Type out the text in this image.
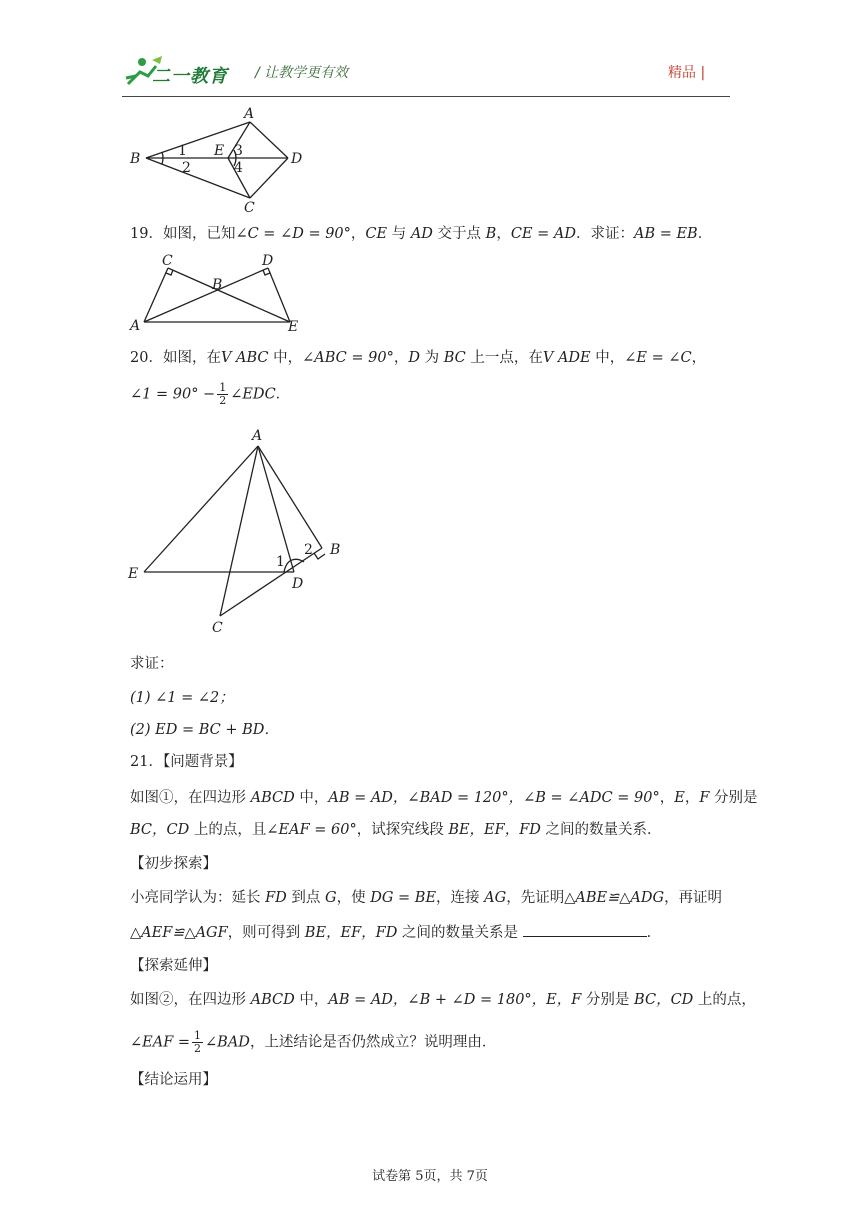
二一教育 / 让教学更有效	精品 |
A
B
C
D
E
1
2
3
4
19．如图，已知∠C = ∠D = 90°，CE 与 AD 交于点 B，CE = AD．求证：AB = EB．
A
B
C	D
E
20．如图，在V ABC 中，∠ABC = 90°，D 为 BC 上一点，在V ADE 中，∠E = ∠C，
∠1 = $90^\circ - \frac{1}{2}$ ∠EDC．
A
B
C
D
E
1
2
求证：
(1) ∠1 = ∠2；
(2) ED = BC + BD．
21．【问题背景】
如图①，在四边形 ABCD 中，AB = AD，∠BAD = 120°，∠B = ∠ADC = 90°，E，F 分别是
BC，CD 上的点，且∠EAF = 60°，试探究线段 BE，EF，FD 之间的数量关系．
【初步探索】
小亮同学认为：延长 FD 到点 G，使 DG = BE，连接 AG，先证明△ABE≌△ADG，再证明
△AEF≌△AGF，则可得到 BE，EF，FD 之间的数量关系是	．
【探索延伸】
如图②，在四边形 ABCD 中，AB = AD，∠B + ∠D = 180°，E，F 分别是 BC，CD 上的点，
∠EAF = $\frac{1}{2}$ ∠BAD，上述结论是否仍然成立？说明理由．
【结论运用】
试卷第 5页，共 7页
